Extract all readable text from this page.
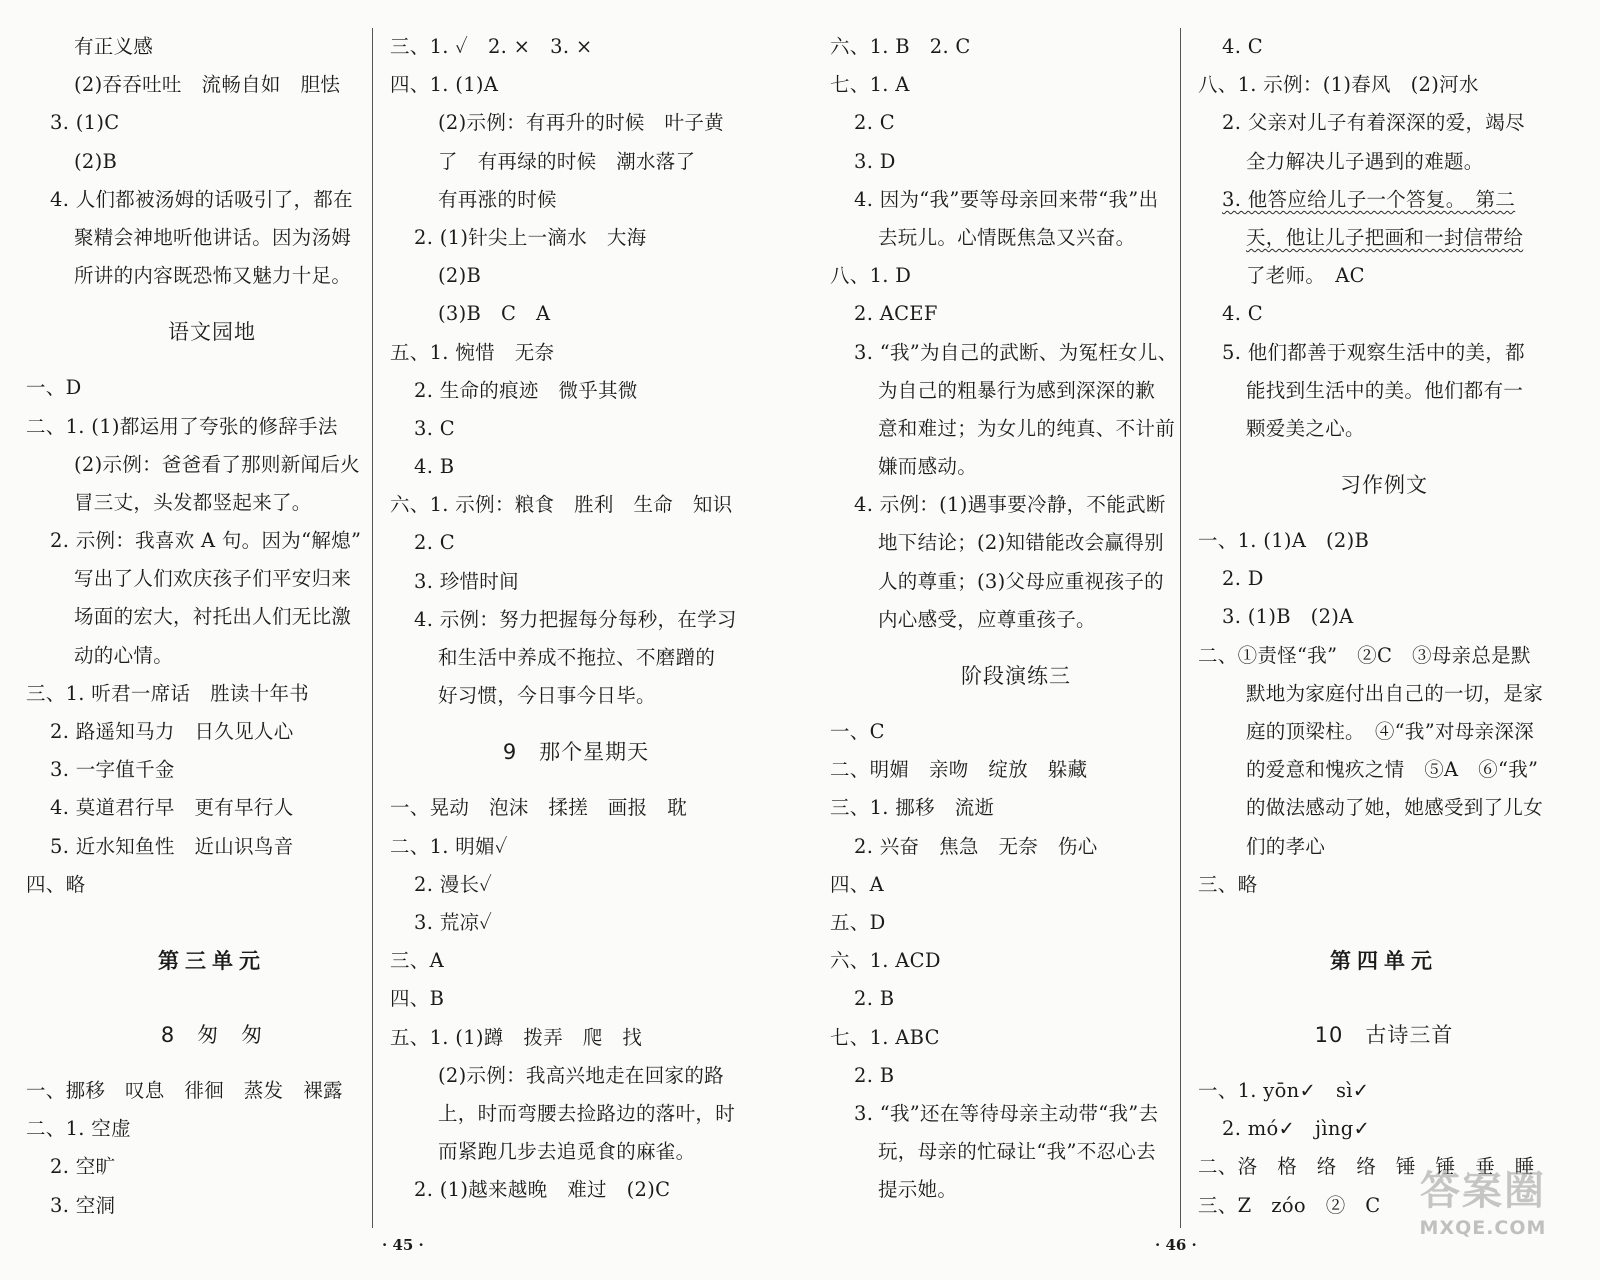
· 45 ·	· 46 ·
有正义感
(2)吞吞吐吐　流畅自如　胆怯
3. (1)C
(2)B
4. 人们都被汤姆的话吸引了，都在
聚精会神地听他讲话。因为汤姆
所讲的内容既恐怖又魅力十足。
语文园地
一、D
二、1. (1)都运用了夸张的修辞手法
(2)示例：爸爸看了那则新闻后火
冒三丈，头发都竖起来了。
2. 示例：我喜欢 A 句。因为“解熄”
写出了人们欢庆孩子们平安归来
场面的宏大，衬托出人们无比激
动的心情。
三、1. 听君一席话　胜读十年书
2. 路遥知马力　日久见人心
3. 一字值千金
4. 莫道君行早　更有早行人
5. 近水知鱼性　近山识鸟音
四、略
第三单元
8　匆　匆
一、挪移　叹息　徘徊　蒸发　裸露
二、1. 空虚
2. 空旷
3. 空洞
三、1. ✓　2. ×　3. ×
四、1. (1)A
(2)示例：有再升的时候　叶子黄
了　有再绿的时候　潮水落了
有再涨的时候
2. (1)针尖上一滴水　大海
(2)B
(3)B　C　A
五、1. 惋惜　无奈
2. 生命的痕迹　微乎其微
3. C
4. B
六、1. 示例：粮食　胜利　生命　知识
2. C
3. 珍惜时间
4. 示例：努力把握每分每秒，在学习
和生活中养成不拖拉、不磨蹭的
好习惯，今日事今日毕。
9　那个星期天
一、晃动　泡沫　揉搓　画报　耽
二、1. 明媚✓
2. 漫长✓
3. 荒凉✓
三、A
四、B
五、1. (1)蹲　拨弄　爬　找
(2)示例：我高兴地走在回家的路
上，时而弯腰去捡路边的落叶，时
而紧跑几步去追觅食的麻雀。
2. (1)越来越晚　难过　(2)C
六、1. B　2. C
七、1. A
2. C
3. D
4. 因为“我”要等母亲回来带“我”出
去玩儿。心情既焦急又兴奋。
八、1. D
2. ACEF
3. “我”为自己的武断、为冤枉女儿、
为自己的粗暴行为感到深深的歉
意和难过；为女儿的纯真、不计前
嫌而感动。
4. 示例：(1)遇事要冷静，不能武断
地下结论；(2)知错能改会赢得别
人的尊重；(3)父母应重视孩子的
内心感受，应尊重孩子。
阶段演练三
一、C
二、明媚　亲吻　绽放　躲藏
三、1. 挪移　流逝
2. 兴奋　焦急　无奈　伤心
四、A
五、D
六、1. ACD
2. B
七、1. ABC
2. B
3. “我”还在等待母亲主动带“我”去
玩，母亲的忙碌让“我”不忍心去
提示她。
4. C
八、1. 示例：(1)春风　(2)河水
2. 父亲对儿子有着深深的爱，竭尽
全力解决儿子遇到的难题。
3. 他答应给儿子一个答复。　第二
天，他让儿子把画和一封信带给
了老师。　AC
4. C
5. 他们都善于观察生活中的美，都
能找到生活中的美。他们都有一
颗爱美之心。
习作例文
一、1. (1)A　(2)B
2. D
3. (1)B　(2)A
二、①责怪“我”　②C　③母亲总是默
默地为家庭付出自己的一切，是家
庭的顶梁柱。　④“我”对母亲深深
的爱意和愧疚之情　⑤A　⑥“我”
的做法感动了她，她感受到了儿女
们的孝心
三、略
第四单元
10　古诗三首
一、1. yōn✓　sì✓
2. mó✓　jìng✓
二、洛　格　络　络　锤　锤　垂　睡
三、Z　zóo　②　C 答案圈
MXQE.COM
